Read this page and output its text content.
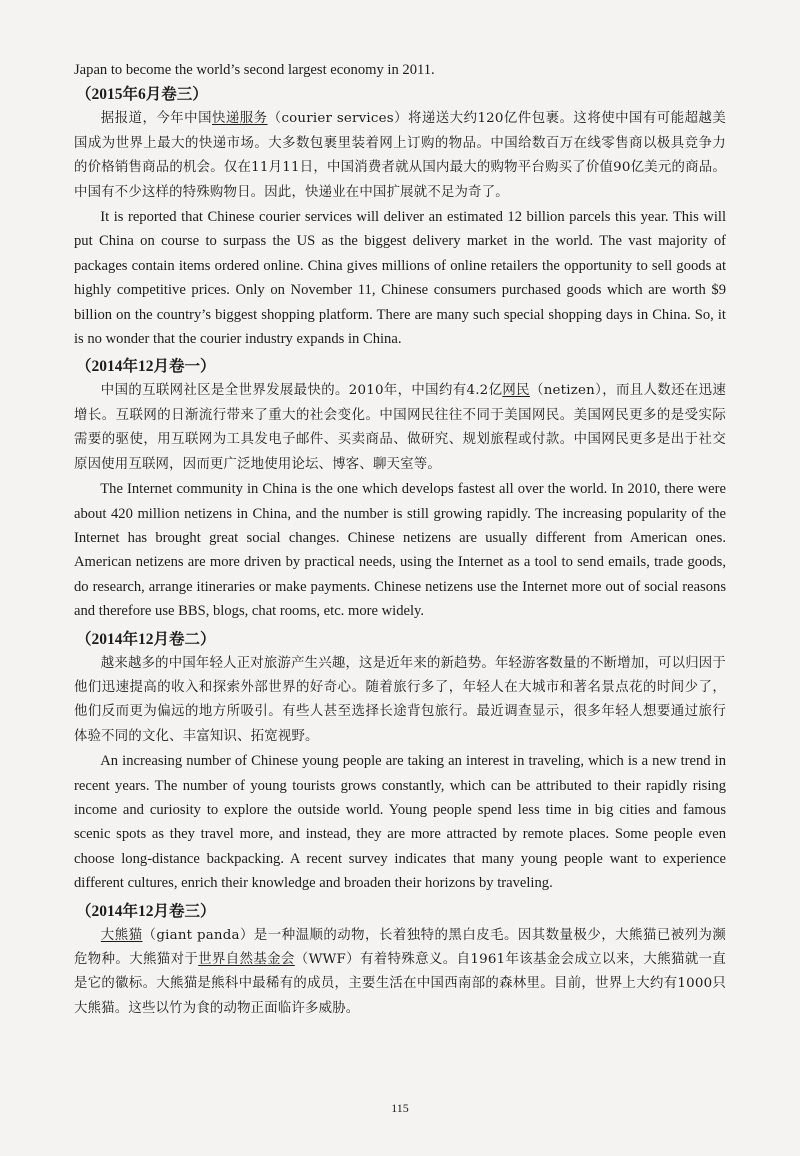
Japan to become the world’s second largest economy in 2011.

（2015年6月卷三）

据报道，今年中国快递服务（courier services）将递送大约120亿件包裹。这将使中国有可能超越美国成为世界上最大的快递市场。大多数包裹里装着网上订购的物品。中国给数百万在线零售商以极具竞争力的价格销售商品的机会。仅在11月11日，中国消费者就从国内最大的购物平台购买了价值90亿美元的商品。中国有不少这样的特殊购物日。因此，快递业在中国扩展就不足为奇了。

It is reported that Chinese courier services will deliver an estimated 12 billion parcels this year. This will put China on course to surpass the US as the biggest delivery market in the world. The vast majority of packages contain items ordered online. China gives millions of online retailers the opportunity to sell goods at highly competitive prices. Only on November 11, Chinese consumers purchased goods which are worth $9 billion on the country’s biggest shopping platform. There are many such special shopping days in China. So, it is no wonder that the courier industry expands in China.

（2014年12月卷一）

中国的互联网社区是全世界发展最快的。2010年，中国约有4.2亿网民（netizen），而且人数还在迅速增长。互联网的日渐流行带来了重大的社会变化。中国网民往往不同于美国网民。美国网民更多的是受实际需要的驱使，用互联网为工具发电子邮件、买卖商品、做研究、规划旅程或付款。中国网民更多是出于社交原因使用互联网，因而更广泛地使用论坛、博客、聊天室等。

The Internet community in China is the one which develops fastest all over the world. In 2010, there were about 420 million netizens in China, and the number is still growing rapidly. The increasing popularity of the Internet has brought great social changes. Chinese netizens are usually different from American ones. American netizens are more driven by practical needs, using the Internet as a tool to send emails, trade goods, do research, arrange itineraries or make payments. Chinese netizens use the Internet more out of social reasons and therefore use BBS, blogs, chat rooms, etc. more widely.

（2014年12月卷二）

越来越多的中国年轻人正对旅游产生兴趣，这是近年来的新趋势。年轻游客数量的不断增加，可以归因于他们迅速提高的收入和探索外部世界的好奇心。随着旅行多了，年轻人在大城市和著名景点花的时间少了，他们反而更为偏远的地方所吸引。有些人甚至选择长途背包旅行。最近调查显示，很多年轻人想要通过旅行体验不同的文化、丰富知识、拓宽视野。

An increasing number of Chinese young people are taking an interest in traveling, which is a new trend in recent years. The number of young tourists grows constantly, which can be attributed to their rapidly rising income and curiosity to explore the outside world. Young people spend less time in big cities and famous scenic spots as they travel more, and instead, they are more attracted by remote places. Some people even choose long-distance backpacking. A recent survey indicates that many young people want to experience different cultures, enrich their knowledge and broaden their horizons by traveling.

（2014年12月卷三）

大熊猫（giant panda）是一种温顺的动物，长着独特的黑白皮毛。因其数量极少，大熊猫已被列为濒危物种。大熊猫对于世界自然基金会（WWF）有着特殊意义。自1961年该基金会成立以来，大熊猫就一直是它的徽标。大熊猫是熊科中最稀有的成员，主要生活在中国西南部的森林里。目前，世界上大约有1000只大熊猫。这些以竹为食的动物正面临许多威胁。

115
